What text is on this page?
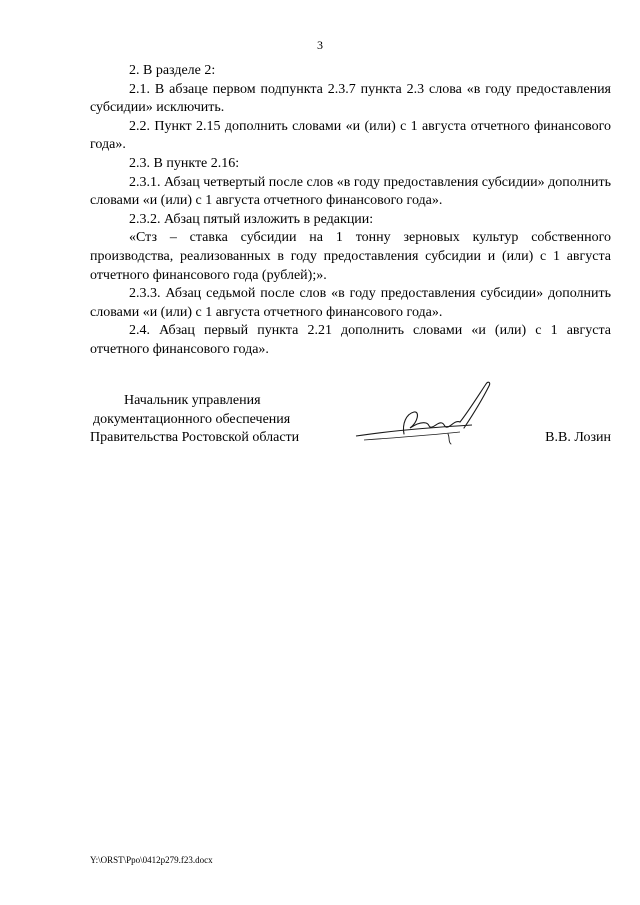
3

2. В разделе 2:

2.1. В абзаце первом подпункта 2.3.7 пункта 2.3 слова «в году предоставления субсидии» исключить.

2.2. Пункт 2.15 дополнить словами «и (или) с 1 августа отчетного финансового года».

2.3. В пункте 2.16:

2.3.1. Абзац четвертый после слов «в году предоставления субсидии» дополнить словами «и (или) с 1 августа отчетного финансового года».

2.3.2. Абзац пятый изложить в редакции:

«Стз – ставка субсидии на 1 тонну зерновых культур собственного производства, реализованных в году предоставления субсидии и (или) с 1 августа отчетного финансового года (рублей);».

2.3.3. Абзац седьмой после слов «в году предоставления субсидии» дополнить словами «и (или) с 1 августа отчетного финансового года».

2.4. Абзац первый пункта 2.21 дополнить словами «и (или) с 1 августа отчетного финансового года».

Начальник управления
документационного обеспечения
Правительства Ростовской области	В.В. Лозин
Y:\ORST\Ppo\0412p279.f23.docx
